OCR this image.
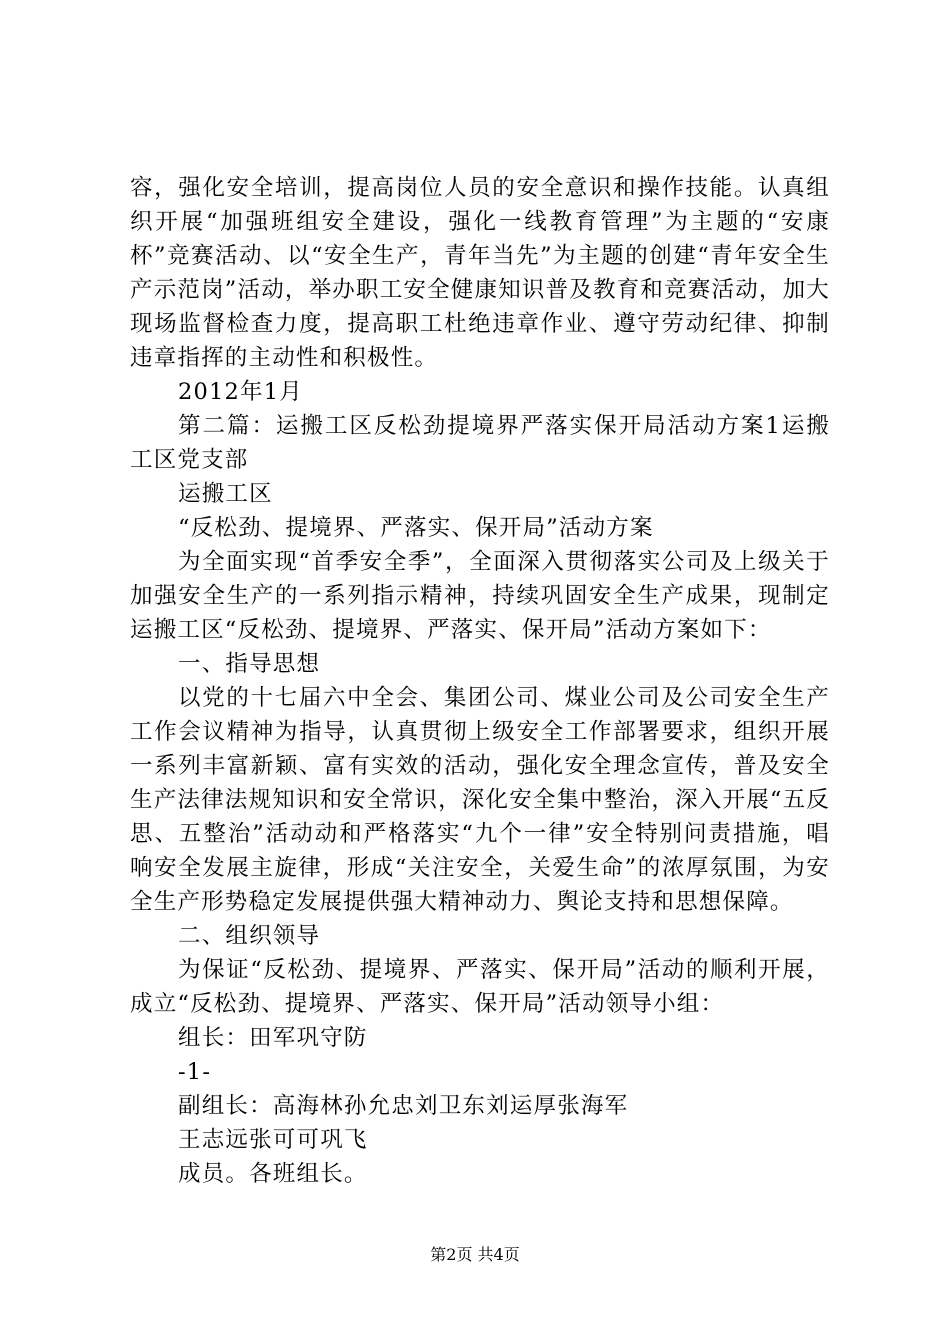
容，强化安全培训，提高岗位人员的安全意识和操作技能。认真组织开展“加强班组安全建设，强化一线教育管理”为主题的“安康杯”竞赛活动、以“安全生产，青年当先”为主题的创建“青年安全生产示范岗”活动，举办职工安全健康知识普及教育和竞赛活动，加大现场监督检查力度，提高职工杜绝违章作业、遵守劳动纪律、抑制违章指挥的主动性和积极性。

2012年1月

第二篇：运搬工区反松劲提境界严落实保开局活动方案1运搬工区党支部

运搬工区

“反松劲、提境界、严落实、保开局”活动方案

为全面实现“首季安全季”，全面深入贯彻落实公司及上级关于加强安全生产的一系列指示精神，持续巩固安全生产成果，现制定运搬工区“反松劲、提境界、严落实、保开局”活动方案如下：

一、指导思想

以党的十七届六中全会、集团公司、煤业公司及公司安全生产工作会议精神为指导，认真贯彻上级安全工作部署要求，组织开展一系列丰富新颖、富有实效的活动，强化安全理念宣传，普及安全生产法律法规知识和安全常识，深化安全集中整治，深入开展“五反思、五整治”活动动和严格落实“九个一律”安全特别问责措施，唱响安全发展主旋律，形成“关注安全，关爱生命”的浓厚氛围，为安全生产形势稳定发展提供强大精神动力、舆论支持和思想保障。

二、组织领导

为保证“反松劲、提境界、严落实、保开局”活动的顺利开展，成立“反松劲、提境界、严落实、保开局”活动领导小组：

组长：田军巩守防

-1-

副组长：高海林孙允忠刘卫东刘运厚张海军

王志远张可可巩飞

成员。各班组长。

第2页 共4页
